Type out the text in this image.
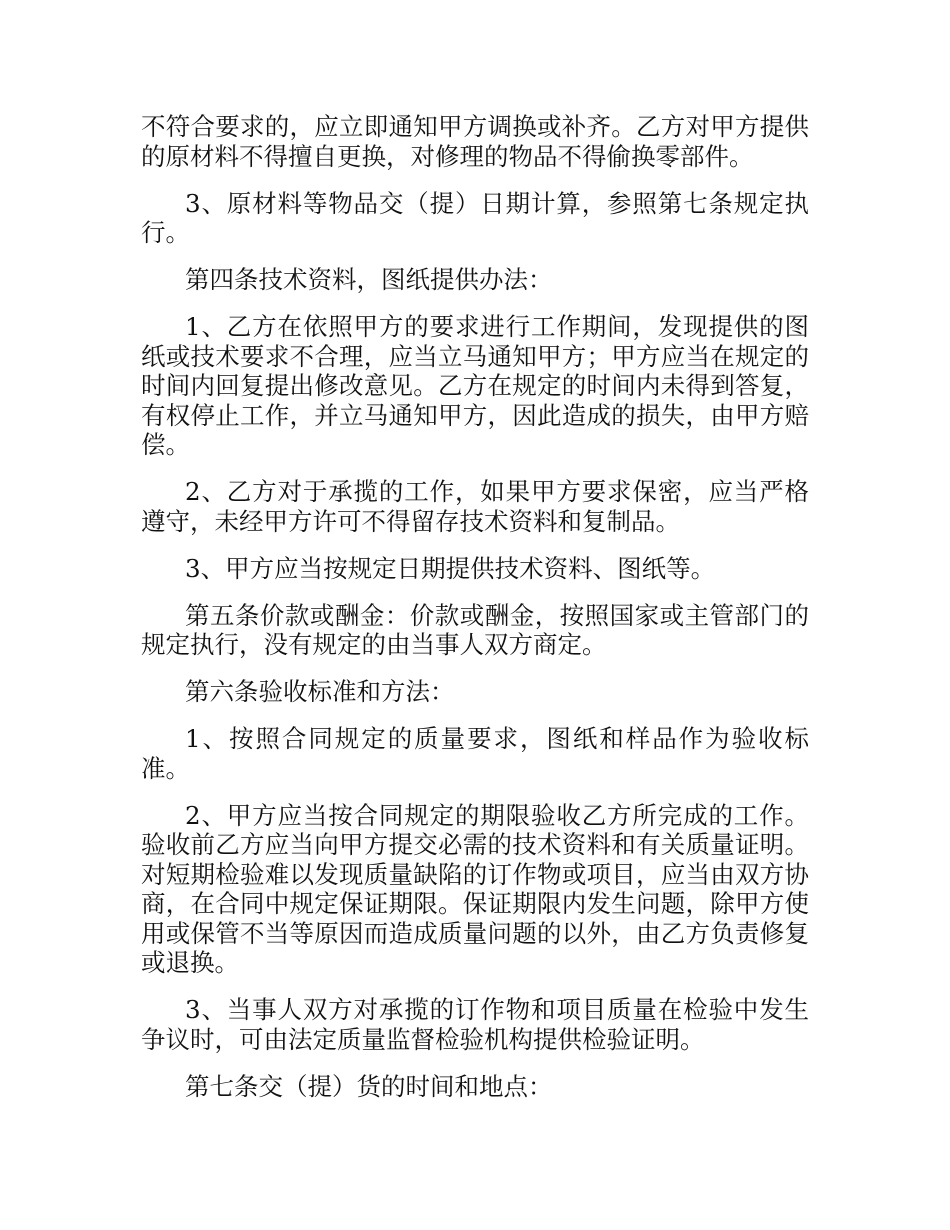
不符合要求的，应立即通知甲方调换或补齐。乙方对甲方提供的原材料不得擅自更换，对修理的物品不得偷换零部件。

3、原材料等物品交（提）日期计算，参照第七条规定执行。

第四条技术资料，图纸提供办法：

1、乙方在依照甲方的要求进行工作期间，发现提供的图纸或技术要求不合理，应当立马通知甲方；甲方应当在规定的时间内回复提出修改意见。乙方在规定的时间内未得到答复，有权停止工作，并立马通知甲方，因此造成的损失，由甲方赔偿。

2、乙方对于承揽的工作，如果甲方要求保密，应当严格遵守，未经甲方许可不得留存技术资料和复制品。

3、甲方应当按规定日期提供技术资料、图纸等。

第五条价款或酬金：价款或酬金，按照国家或主管部门的规定执行，没有规定的由当事人双方商定。

第六条验收标准和方法：

1、按照合同规定的质量要求，图纸和样品作为验收标准。

2、甲方应当按合同规定的期限验收乙方所完成的工作。验收前乙方应当向甲方提交必需的技术资料和有关质量证明。对短期检验难以发现质量缺陷的订作物或项目，应当由双方协商，在合同中规定保证期限。保证期限内发生问题，除甲方使用或保管不当等原因而造成质量问题的以外，由乙方负责修复或退换。

3、当事人双方对承揽的订作物和项目质量在检验中发生争议时，可由法定质量监督检验机构提供检验证明。

第七条交（提）货的时间和地点：
